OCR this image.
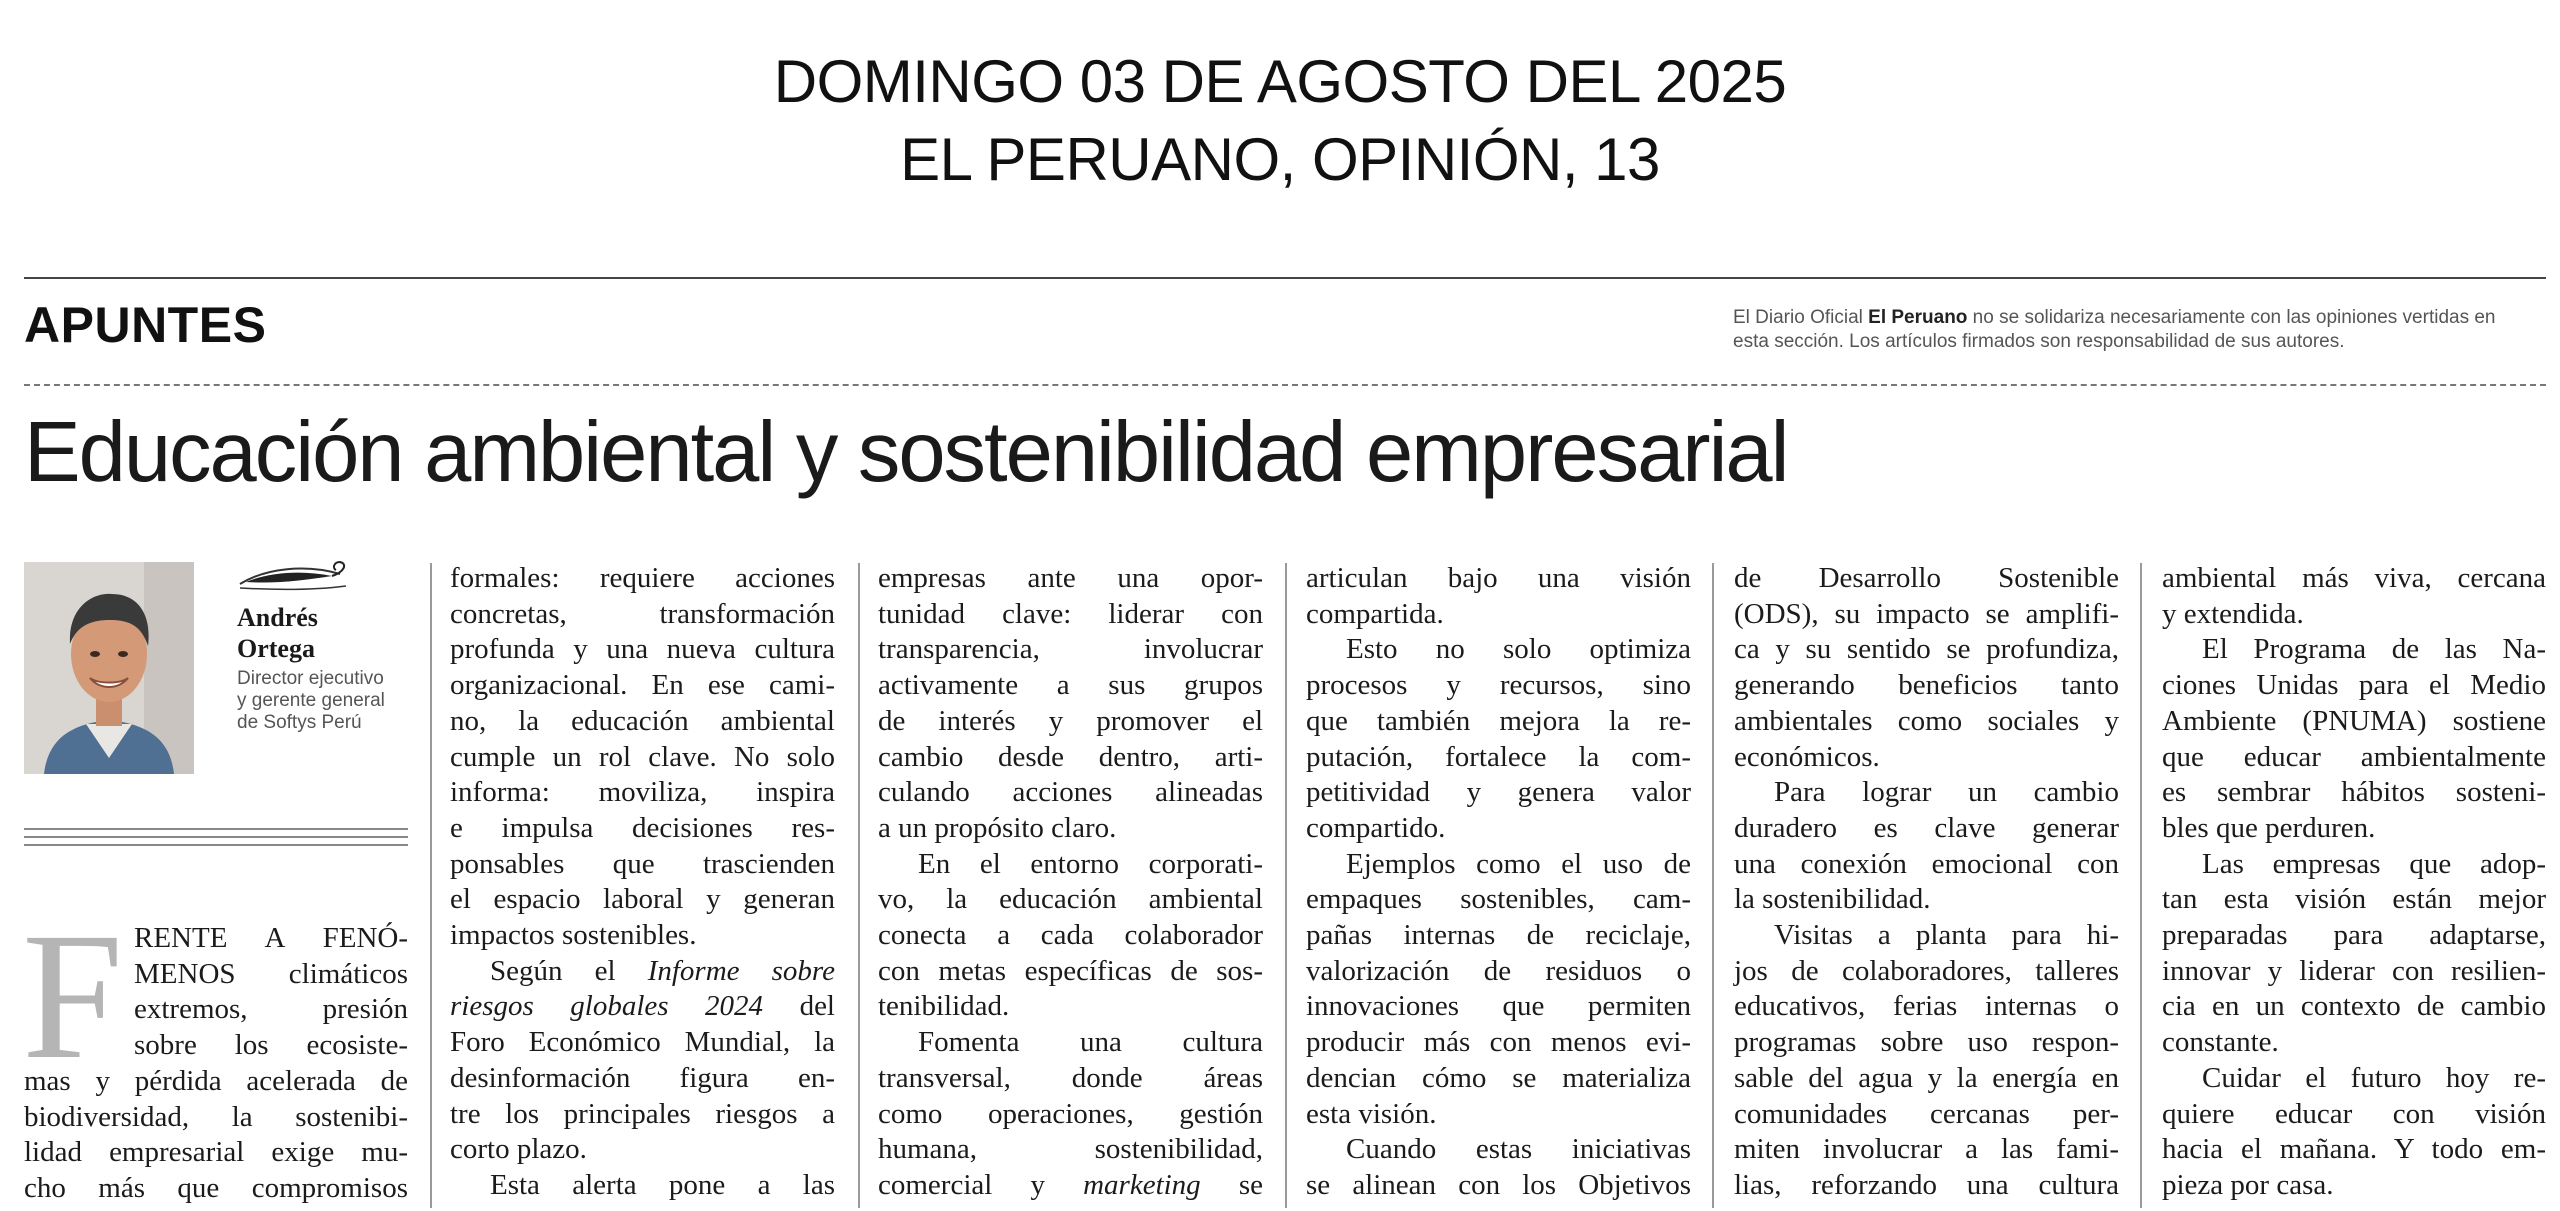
DOMINGO 03 DE AGOSTO DEL 2025
EL PERUANO, OPINIÓN, 13
APUNTES	El Diario Oficial El Peruano no se solidariza necesariamente con las opiniones vertidas en
esta sección. Los artículos firmados son responsabilidad de sus autores.
Educación ambiental y sostenibilidad empresarial
Andrés
Ortega
Director ejecutivo
y gerente general
de Softys Perú
F RENTE A FENÓ-
MENOS climáticos
extremos, presión
sobre los ecosiste-
mas y pérdida acelerada de
biodiversidad, la sostenibi-
lidad empresarial exige mu-
cho más que compromisos
formales: requiere acciones
concretas, transformación
profunda y una nueva cultura
organizacional. En ese cami-
no, la educación ambiental
cumple un rol clave. No solo
informa: moviliza, inspira
e impulsa decisiones res-
ponsables que trascienden
el espacio laboral y generan
impactos sostenibles.
Según el Informe sobre
riesgos globales 2024 del
Foro Económico Mundial, la
desinformación figura en-
tre los principales riesgos a
corto plazo.
Esta alerta pone a las
empresas ante una opor-
tunidad clave: liderar con
transparencia, involucrar
activamente a sus grupos
de interés y promover el
cambio desde dentro, arti-
culando acciones alineadas
a un propósito claro.
En el entorno corporati-
vo, la educación ambiental
conecta a cada colaborador
con metas específicas de sos-
tenibilidad.
Fomenta una cultura
transversal, donde áreas
como operaciones, gestión
humana, sostenibilidad,
comercial y marketing se
articulan bajo una visión
compartida.
Esto no solo optimiza
procesos y recursos, sino
que también mejora la re-
putación, fortalece la com-
petitividad y genera valor
compartido.
Ejemplos como el uso de
empaques sostenibles, cam-
pañas internas de reciclaje,
valorización de residuos o
innovaciones que permiten
producir más con menos evi-
dencian cómo se materializa
esta visión.
Cuando estas iniciativas
se alinean con los Objetivos
de Desarrollo Sostenible
(ODS), su impacto se amplifi-
ca y su sentido se profundiza,
generando beneficios tanto
ambientales como sociales y
económicos.
Para lograr un cambio
duradero es clave generar
una conexión emocional con
la sostenibilidad.
Visitas a planta para hi-
jos de colaboradores, talleres
educativos, ferias internas o
programas sobre uso respon-
sable del agua y la energía en
comunidades cercanas per-
miten involucrar a las fami-
lias, reforzando una cultura
ambiental más viva, cercana
y extendida.
El Programa de las Na-
ciones Unidas para el Medio
Ambiente (PNUMA) sostiene
que educar ambientalmente
es sembrar hábitos sosteni-
bles que perduren.
Las empresas que adop-
tan esta visión están mejor
preparadas para adaptarse,
innovar y liderar con resilien-
cia en un contexto de cambio
constante.
Cuidar el futuro hoy re-
quiere educar con visión
hacia el mañana. Y todo em-
pieza por casa.
